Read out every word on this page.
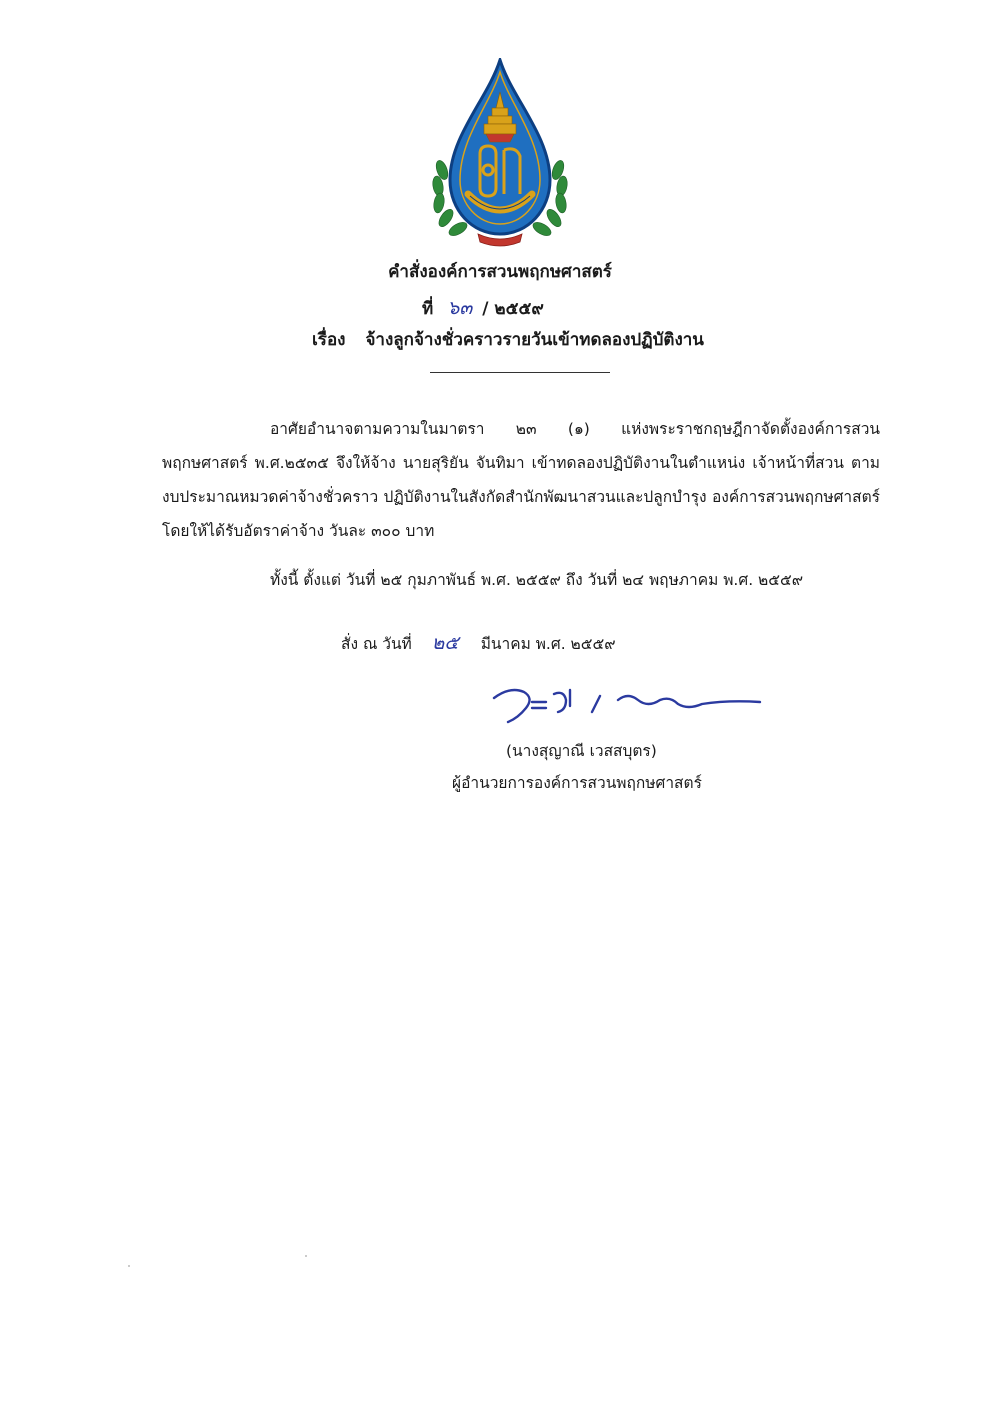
คำสั่งองค์การสวนพฤกษศาสตร์
ที่ ๖๓ / ๒๕๕๙
เรื่อง จ้างลูกจ้างชั่วคราวรายวันเข้าทดลองปฏิบัติงาน
อาศัยอำนาจตามความในมาตรา ๒๓ (๑) แห่งพระราชกฤษฎีกาจัดตั้งองค์การสวนพฤกษศาสตร์ พ.ศ.๒๕๓๕ จึงให้จ้าง นายสุริยัน จันทิมา เข้าทดลองปฏิบัติงานในตำแหน่ง เจ้าหน้าที่สวน ตามงบประมาณหมวดค่าจ้างชั่วคราว ปฏิบัติงานในสังกัดสำนักพัฒนาสวนและปลูกบำรุง องค์การสวนพฤกษศาสตร์ โดยให้ได้รับอัตราค่าจ้าง วันละ ๓๐๐ บาท
ทั้งนี้ ตั้งแต่ วันที่ ๒๕ กุมภาพันธ์ พ.ศ. ๒๕๕๙ ถึง วันที่ ๒๔ พฤษภาคม พ.ศ. ๒๕๕๙
สั่ง ณ วันที่ ๒๕ มีนาคม พ.ศ. ๒๕๕๙
(นางสุญาณี เวสสบุตร)
ผู้อำนวยการองค์การสวนพฤกษศาสตร์
